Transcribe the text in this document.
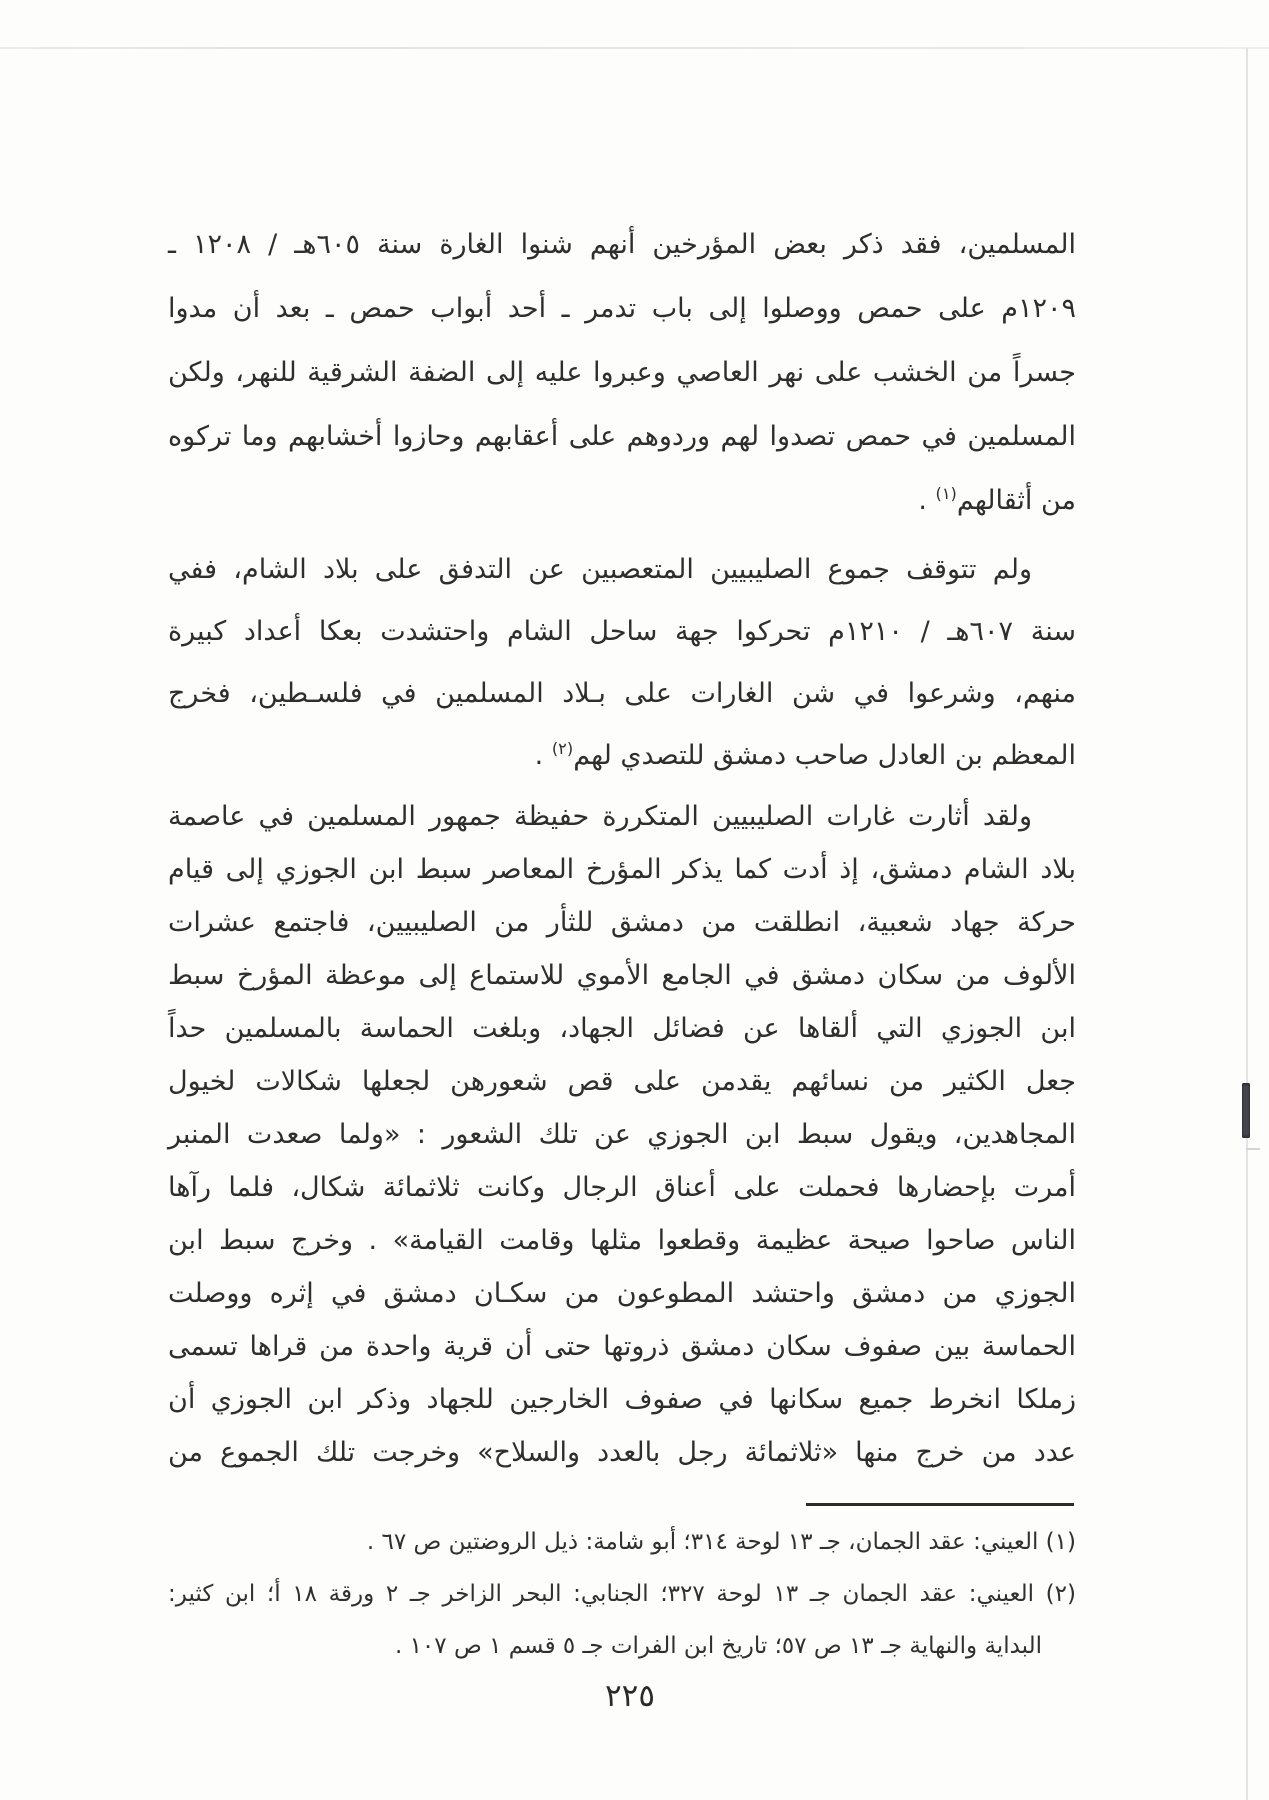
المسلمين، فقد ذكر بعض المؤرخين أنهم شنوا الغارة سنة ٦٠٥هـ / ١٢٠٨ ـ
١٢٠٩م على حمص ووصلوا إلى باب تدمر ـ أحد أبواب حمص ـ بعد أن مدوا
جسراً من الخشب على نهر العاصي وعبروا عليه إلى الضفة الشرقية للنهر، ولكن
المسلمين في حمص تصدوا لهم وردوهم على أعقابهم وحازوا أخشابهم وما تركوه
من أثقالهم$^{(١)}$ .
ولم تتوقف جموع الصليبيين المتعصبين عن التدفق على بلاد الشام، ففي
سنة ٦٠٧هـ / ١٢١٠م تحركوا جهة ساحل الشام واحتشدت بعكا أعداد كبيرة
منهم، وشرعوا في شن الغارات على بـلاد المسلمين في فلسـطين، فخرج
المعظم بن العادل صاحب دمشق للتصدي لهم$^{(٢)}$ .
ولقد أثارت غارات الصليبيين المتكررة حفيظة جمهور المسلمين في عاصمة
بلاد الشام دمشق، إذ أدت كما يذكر المؤرخ المعاصر سبط ابن الجوزي إلى قيام
حركة جهاد شعبية، انطلقت من دمشق للثأر من الصليبيين، فاجتمع عشرات
الألوف من سكان دمشق في الجامع الأموي للاستماع إلى موعظة المؤرخ سبط
ابن الجوزي التي ألقاها عن فضائل الجهاد، وبلغت الحماسة بالمسلمين حداً
جعل الكثير من نسائهم يقدمن على قص شعورهن لجعلها شكالات لخيول
المجاهدين، ويقول سبط ابن الجوزي عن تلك الشعور : «ولما صعدت المنبر
أمرت بإحضارها فحملت على أعناق الرجال وكانت ثلاثمائة شكال، فلما رآها
الناس صاحوا صيحة عظيمة وقطعوا مثلها وقامت القيامة» . وخرج سبط ابن
الجوزي من دمشق واحتشد المطوعون من سكـان دمشق في إثره ووصلت
الحماسة بين صفوف سكان دمشق ذروتها حتى أن قرية واحدة من قراها تسمى
زملكا انخرط جميع سكانها في صفوف الخارجين للجهاد وذكر ابن الجوزي أن
عدد من خرج منها «ثلاثمائة رجل بالعدد والسلاح» وخرجت تلك الجموع من
(١) العيني: عقد الجمان، جـ ١٣ لوحة ٣١٤؛ أبو شامة: ذيل الروضتين ص ٦٧ .
(٢) العيني: عقد الجمان جـ ١٣ لوحة ٣٢٧؛ الجنابي: البحر الزاخر جـ ٢ ورقة ١٨ أ؛ ابن كثير:
البداية والنهاية جـ ١٣ ص ٥٧؛ تاريخ ابن الفرات جـ ٥ قسم ١ ص ١٠٧ .
٢٢٥
